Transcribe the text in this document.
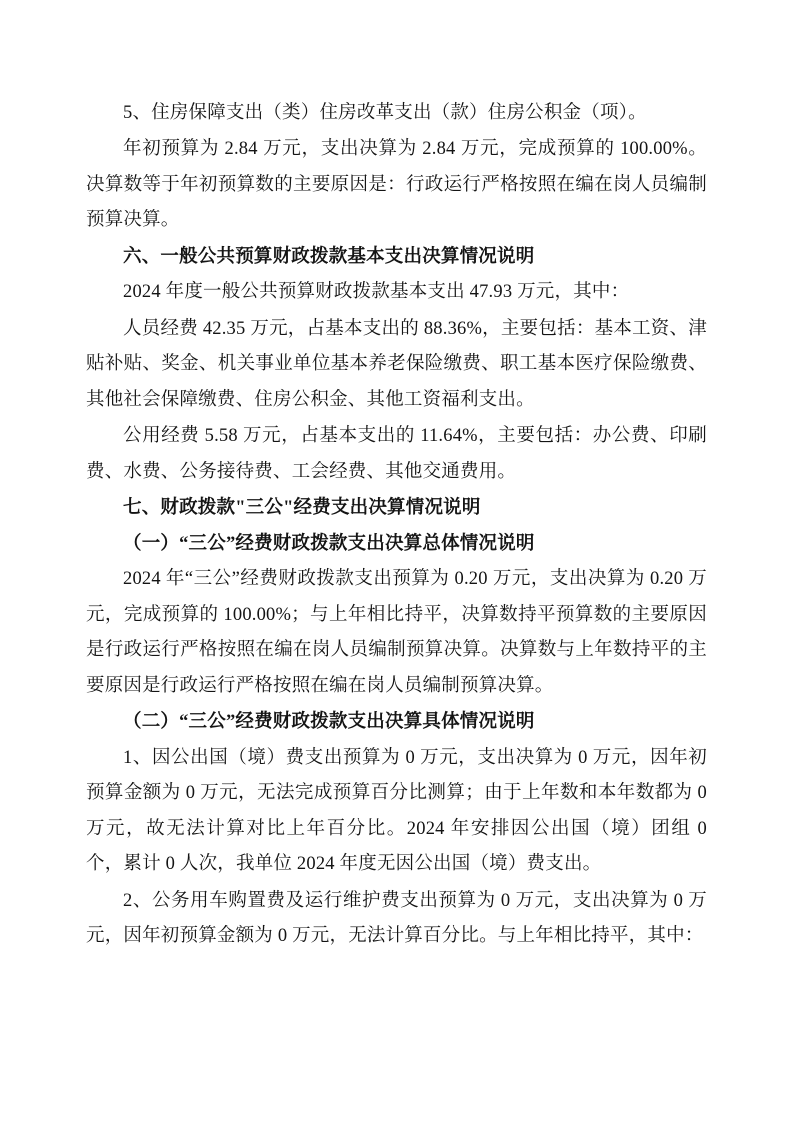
5、住房保障支出（类）住房改革支出（款）住房公积金（项）。

年初预算为 2.84 万元，支出决算为 2.84 万元，完成预算的 100.00%。决算数等于年初预算数的主要原因是：行政运行严格按照在编在岗人员编制预算决算。

六、一般公共预算财政拨款基本支出决算情况说明

2024 年度一般公共预算财政拨款基本支出 47.93 万元，其中：

人员经费 42.35 万元，占基本支出的 88.36%，主要包括：基本工资、津贴补贴、奖金、机关事业单位基本养老保险缴费、职工基本医疗保险缴费、其他社会保障缴费、住房公积金、其他工资福利支出。

公用经费 5.58 万元，占基本支出的 11.64%，主要包括：办公费、印刷费、水费、公务接待费、工会经费、其他交通费用。

七、财政拨款"三公"经费支出决算情况说明

（一）“三公”经费财政拨款支出决算总体情况说明

2024 年“三公”经费财政拨款支出预算为 0.20 万元，支出决算为 0.20 万元，完成预算的 100.00%；与上年相比持平，决算数持平预算数的主要原因是行政运行严格按照在编在岗人员编制预算决算。决算数与上年数持平的主要原因是行政运行严格按照在编在岗人员编制预算决算。

（二）“三公”经费财政拨款支出决算具体情况说明

1、因公出国（境）费支出预算为 0 万元，支出决算为 0 万元，因年初预算金额为 0 万元，无法完成预算百分比测算；由于上年数和本年数都为 0 万元，故无法计算对比上年百分比。2024 年安排因公出国（境）团组 0 个，累计 0 人次，我单位 2024 年度无因公出国（境）费支出。

2、公务用车购置费及运行维护费支出预算为 0 万元，支出决算为 0 万元，因年初预算金额为 0 万元，无法计算百分比。与上年相比持平，其中：
